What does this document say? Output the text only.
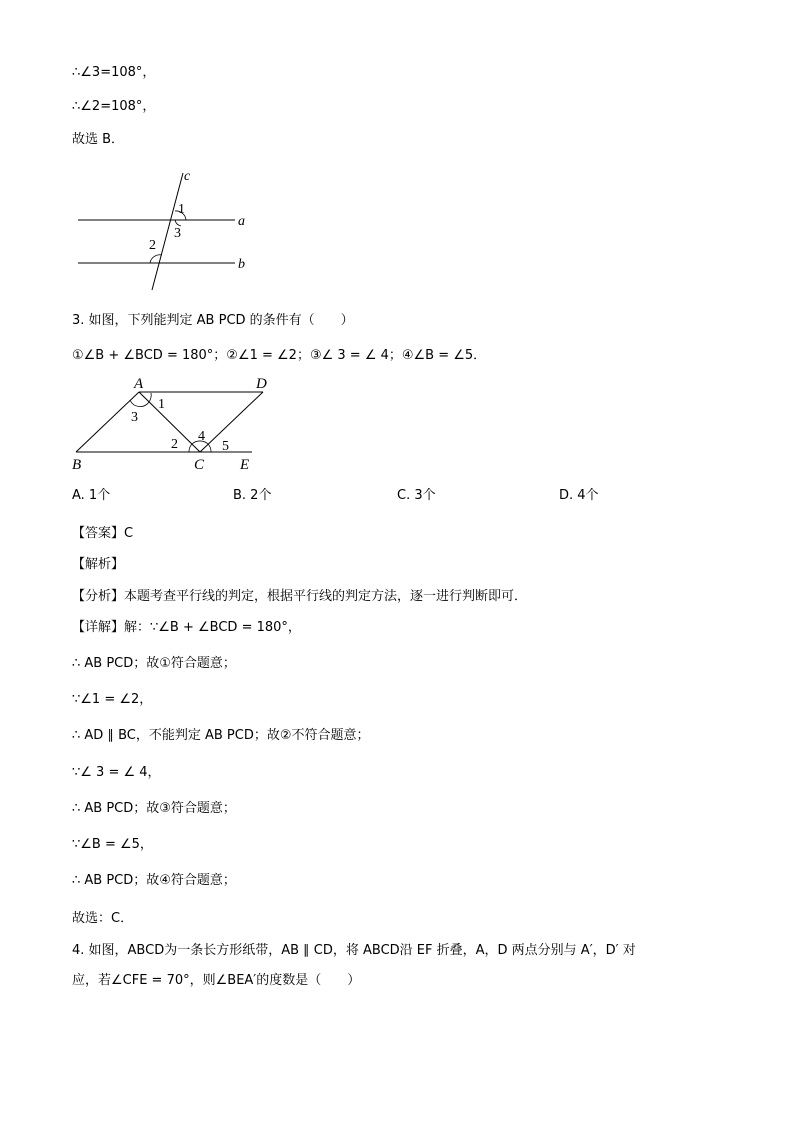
∴∠3=108°，
∴∠2=108°，
故选 B．
c
1
3
a
2
b
3. 如图，下列能判定 AB PCD 的条件有（　　）
①∠B + ∠BCD = 180°；②∠1 = ∠2；③∠ 3 = ∠ 4；④∠B = ∠5．
A	D
1
3
2
4
5
B	C E
A. 1个	B. 2个	C. 3个	D. 4个
【答案】C
【解析】
【分析】本题考查平行线的判定，根据平行线的判定方法，逐一进行判断即可．
【详解】解：∵∠B + ∠BCD = 180°，
∴ AB PCD；故①符合题意；
∵∠1 = ∠2，
∴ AD ∥ BC，不能判定 AB PCD；故②不符合题意；
∵∠ 3 = ∠ 4，
∴ AB PCD；故③符合题意；
∵∠B = ∠5，
∴ AB PCD；故④符合题意；
故选：C．
4. 如图，ABCD为一条长方形纸带，AB ∥ CD，将 ABCD沿 EF 折叠，A，D 两点分别与 A′，D′ 对
应，若∠CFE = 70°，则∠BEA′的度数是（　　）
